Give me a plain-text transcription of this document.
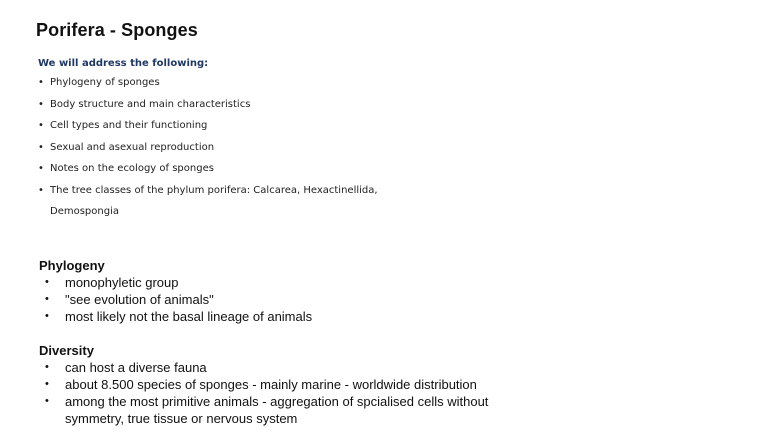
Porifera - Sponges
We will address the following:
• Phylogeny of sponges
• Body structure and main characteristics
• Cell types and their functioning
• Sexual and asexual reproduction
• Notes on the ecology of sponges
• The tree classes of the phylum porifera: Calcarea, Hexactinellida,
Demospongia
Phylogeny
• monophyletic group
• "see evolution of animals"
• most likely not the basal lineage of animals
Diversity
• can host a diverse fauna
• about 8.500 species of sponges - mainly marine - worldwide distribution
• among the most primitive animals - aggregation of spcialised cells without symmetry, true tissue or nervous system
